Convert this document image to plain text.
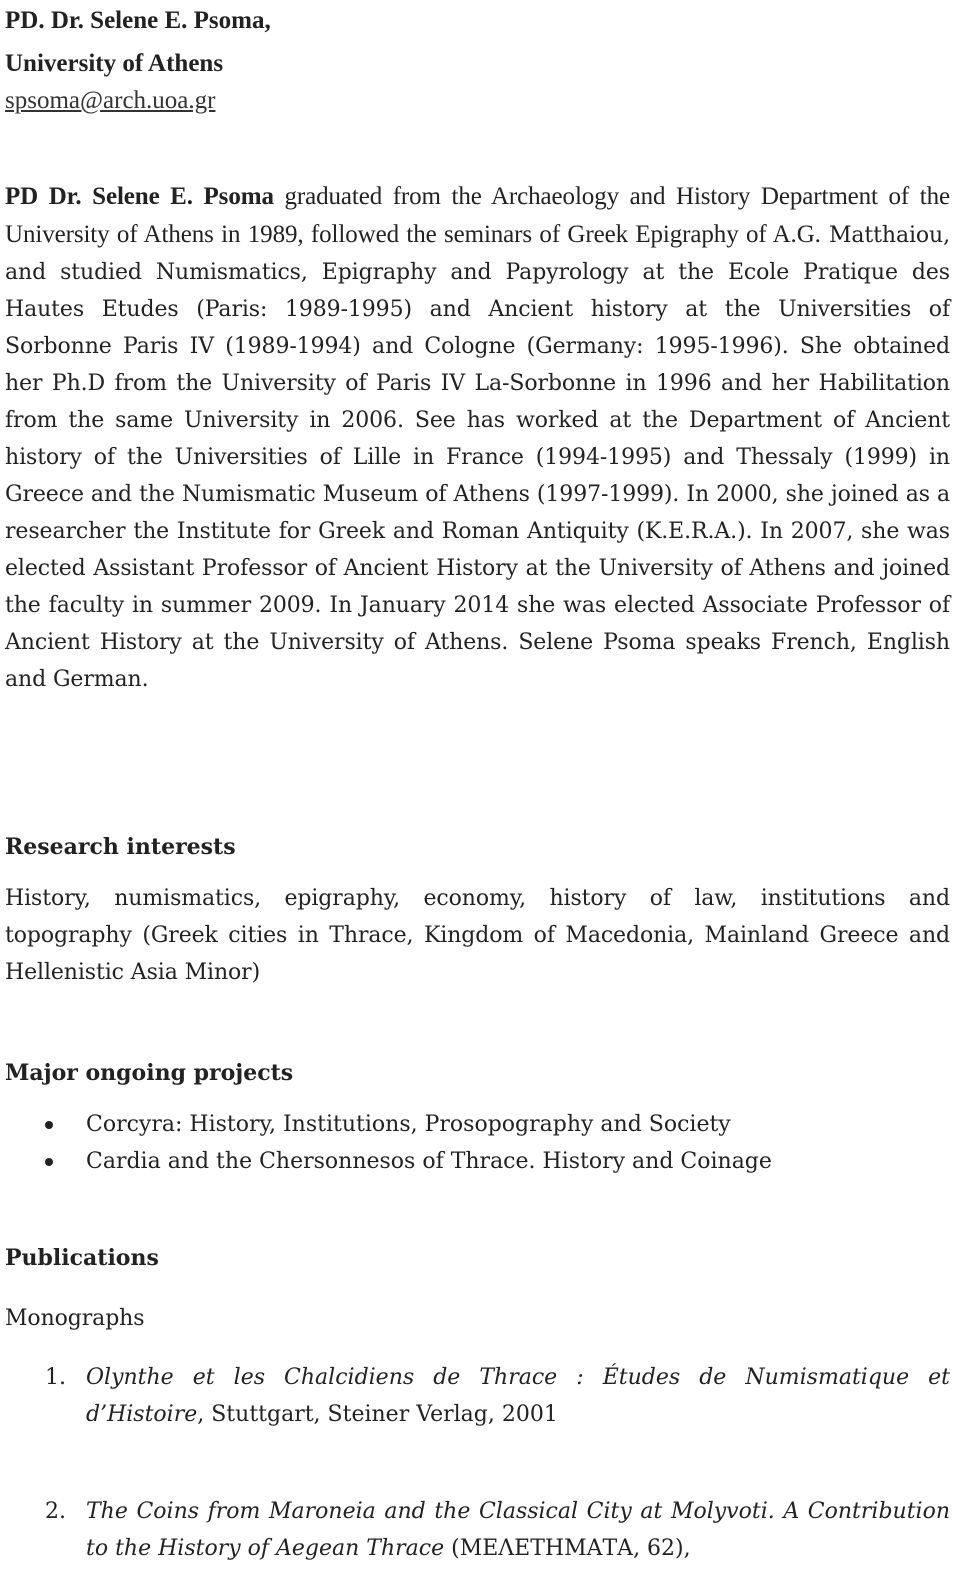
PD. Dr. Selene E. Psoma,

University of Athens

spsoma@arch.uoa.gr

PD Dr. Selene E. Psoma graduated from the Archaeology and History Department of the University of Athens in 1989, followed the seminars of Greek Epigraphy of A.G. Matthaiou, and studied Numismatics, Epigraphy and Papyrology at the Ecole Pratique des Hautes Etudes (Paris: 1989-1995) and Ancient history at the Universities of Sorbonne Paris IV (1989-1994) and Cologne (Germany: 1995-1996). She obtained her Ph.D from the University of Paris IV La-Sorbonne in 1996 and her Habilitation from the same University in 2006. See has worked at the Department of Ancient history of the Universities of Lille in France (1994-1995) and Thessaly (1999) in Greece and the Numismatic Museum of Athens (1997-1999). In 2000, she joined as a researcher the Institute for Greek and Roman Antiquity (K.E.R.A.). In 2007, she was elected Assistant Professor of Ancient History at the University of Athens and joined the faculty in summer 2009. In January 2014 she was elected Associate Professor of Ancient History at the University of Athens. Selene Psoma speaks French, English and German.

Research interests

History, numismatics, epigraphy, economy, history of law, institutions and topography (Greek cities in Thrace, Kingdom of Macedonia, Mainland Greece and Hellenistic Asia Minor)

Major ongoing projects

Corcyra: History, Institutions, Prosopography and Society
Cardia and the Chersonnesos of Thrace. History and Coinage

Publications

Monographs

1. Olynthe et les Chalcidiens de Thrace : Études de Numismatique et d’Histoire, Stuttgart, Steiner Verlag, 2001
2. The Coins from Maroneia and the Classical City at Molyvoti. A Contribution to the History of Aegean Thrace (ΜΕΛΕΤΗΜΑΤΑ, 62),
